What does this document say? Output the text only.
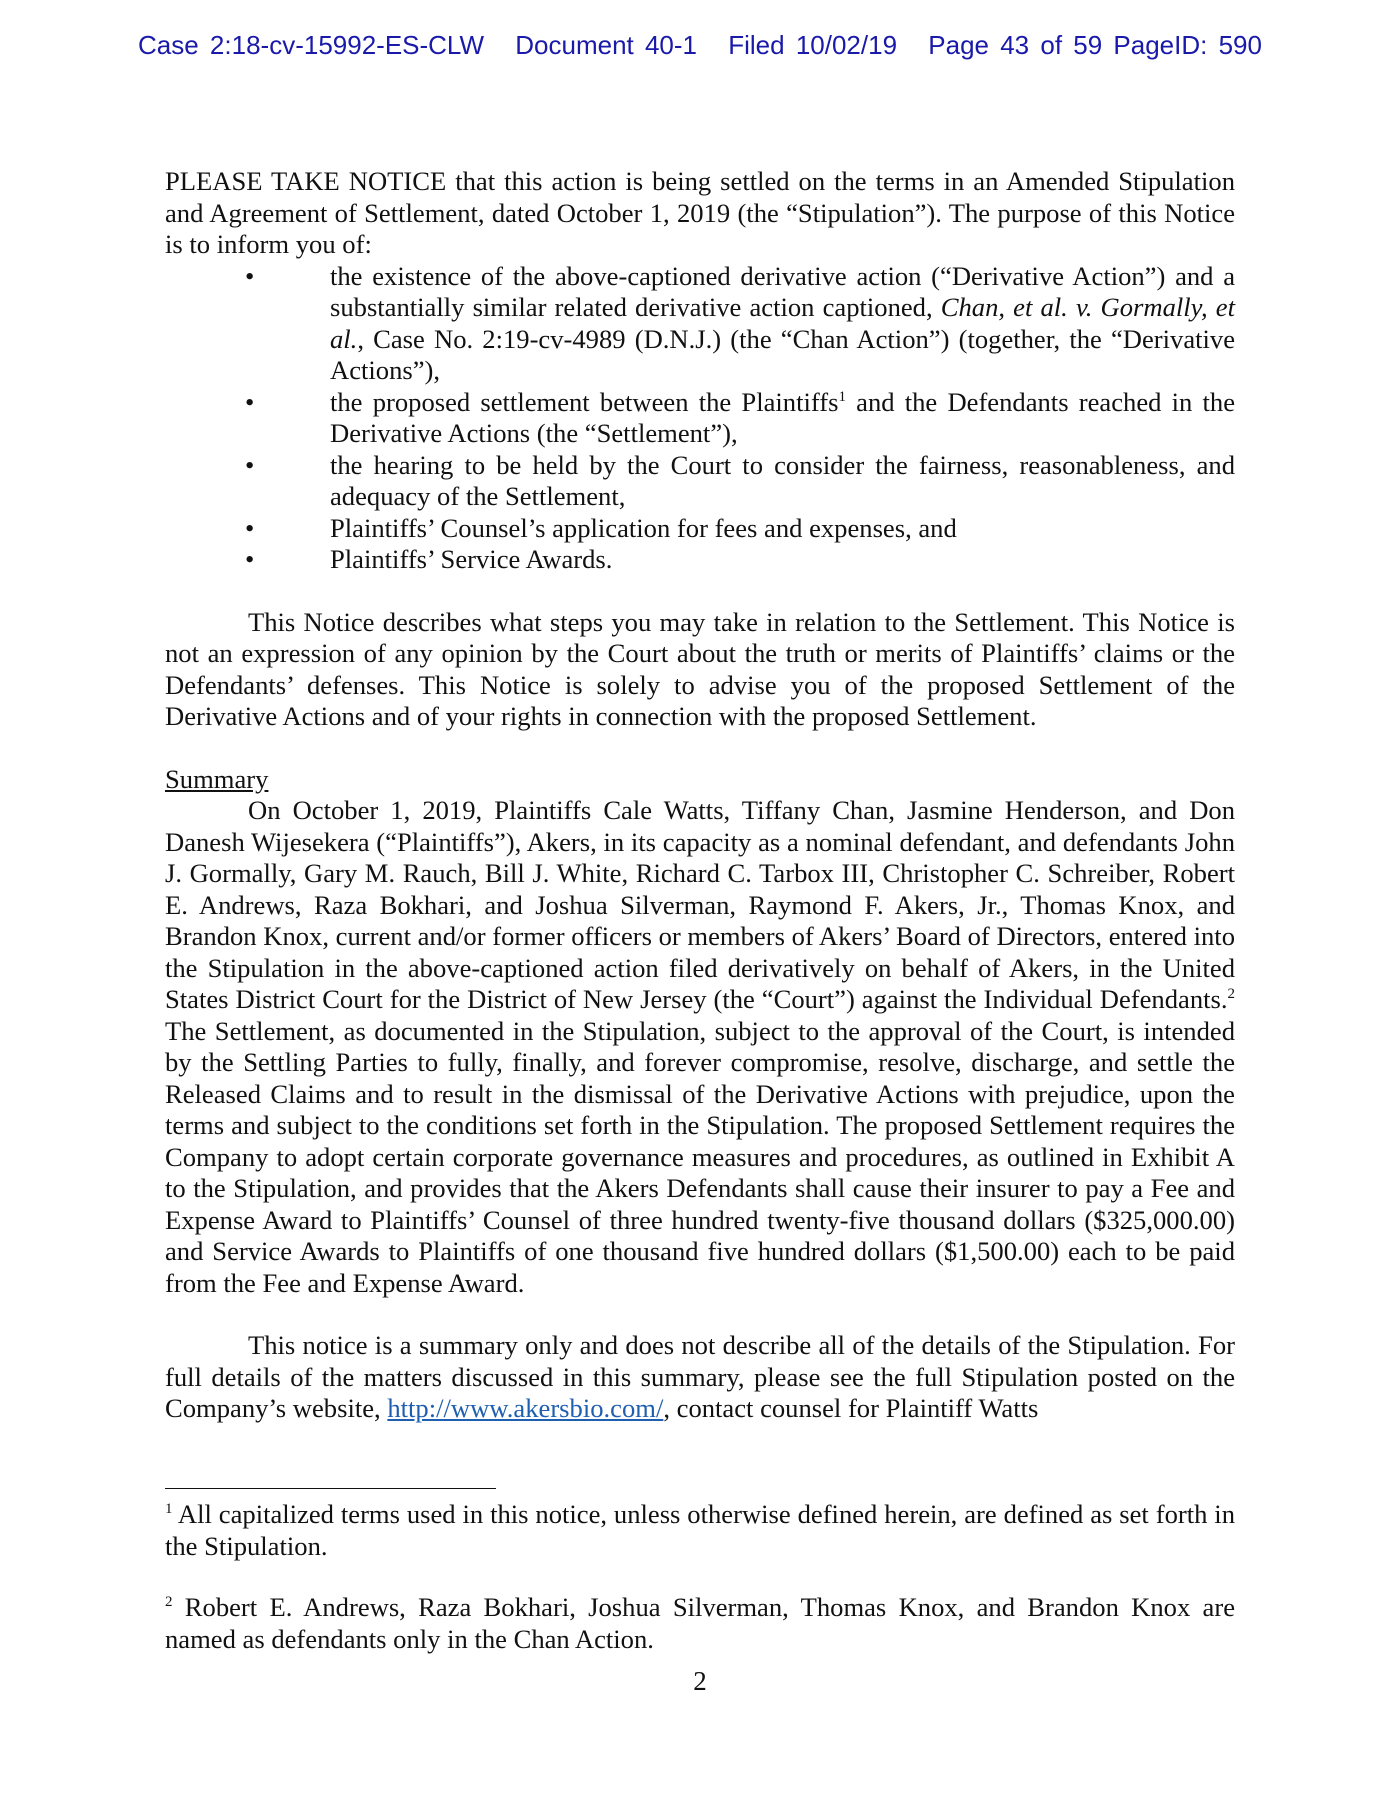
Case 2:18-cv-15992-ES-CLW Document 40-1 Filed 10/02/19 Page 43 of 59 PageID: 590

PLEASE TAKE NOTICE that this action is being settled on the terms in an Amended Stipulation and Agreement of Settlement, dated October 1, 2019 (the “Stipulation”). The purpose of this Notice is to inform you of:

•	the existence of the above-captioned derivative action (“Derivative Action”) and a substantially similar related derivative action captioned, Chan, et al. v. Gormally, et al., Case No. 2:19-cv-4989 (D.N.J.) (the “Chan Action”) (together, the “Derivative Actions”),
•	the proposed settlement between the Plaintiffs$^1$ and the Defendants reached in the Derivative Actions (the “Settlement”),
•	the hearing to be held by the Court to consider the fairness, reasonableness, and adequacy of the Settlement,
•	Plaintiffs’ Counsel’s application for fees and expenses, and
•	Plaintiffs’ Service Awards.

This Notice describes what steps you may take in relation to the Settlement. This Notice is not an expression of any opinion by the Court about the truth or merits of Plaintiffs’ claims or the Defendants’ defenses. This Notice is solely to advise you of the proposed Settlement of the Derivative Actions and of your rights in connection with the proposed Settlement.

Summary

On October 1, 2019, Plaintiffs Cale Watts, Tiffany Chan, Jasmine Henderson, and Don Danesh Wijesekera (“Plaintiffs”), Akers, in its capacity as a nominal defendant, and defendants John J. Gormally, Gary M. Rauch, Bill J. White, Richard C. Tarbox III, Christopher C. Schreiber, Robert E. Andrews, Raza Bokhari, and Joshua Silverman, Raymond F. Akers, Jr., Thomas Knox, and Brandon Knox, current and/or former officers or members of Akers’ Board of Directors, entered into the Stipulation in the above-captioned action filed derivatively on behalf of Akers, in the United States District Court for the District of New Jersey (the “Court”) against the Individual Defendants.$^2$ The Settlement, as documented in the Stipulation, subject to the approval of the Court, is intended by the Settling Parties to fully, finally, and forever compromise, resolve, discharge, and settle the Released Claims and to result in the dismissal of the Derivative Actions with prejudice, upon the terms and subject to the conditions set forth in the Stipulation. The proposed Settlement requires the Company to adopt certain corporate governance measures and procedures, as outlined in Exhibit A to the Stipulation, and provides that the Akers Defendants shall cause their insurer to pay a Fee and Expense Award to Plaintiffs’ Counsel of three hundred twenty-five thousand dollars ($325,000.00) and Service Awards to Plaintiffs of one thousand five hundred dollars ($1,500.00) each to be paid from the Fee and Expense Award.

This notice is a summary only and does not describe all of the details of the Stipulation. For full details of the matters discussed in this summary, please see the full Stipulation posted on the Company’s website, http://www.akersbio.com/, contact counsel for Plaintiff Watts

$^1$ All capitalized terms used in this notice, unless otherwise defined herein, are defined as set forth in the Stipulation.

$^2$ Robert E. Andrews, Raza Bokhari, Joshua Silverman, Thomas Knox, and Brandon Knox are named as defendants only in the Chan Action.

2
